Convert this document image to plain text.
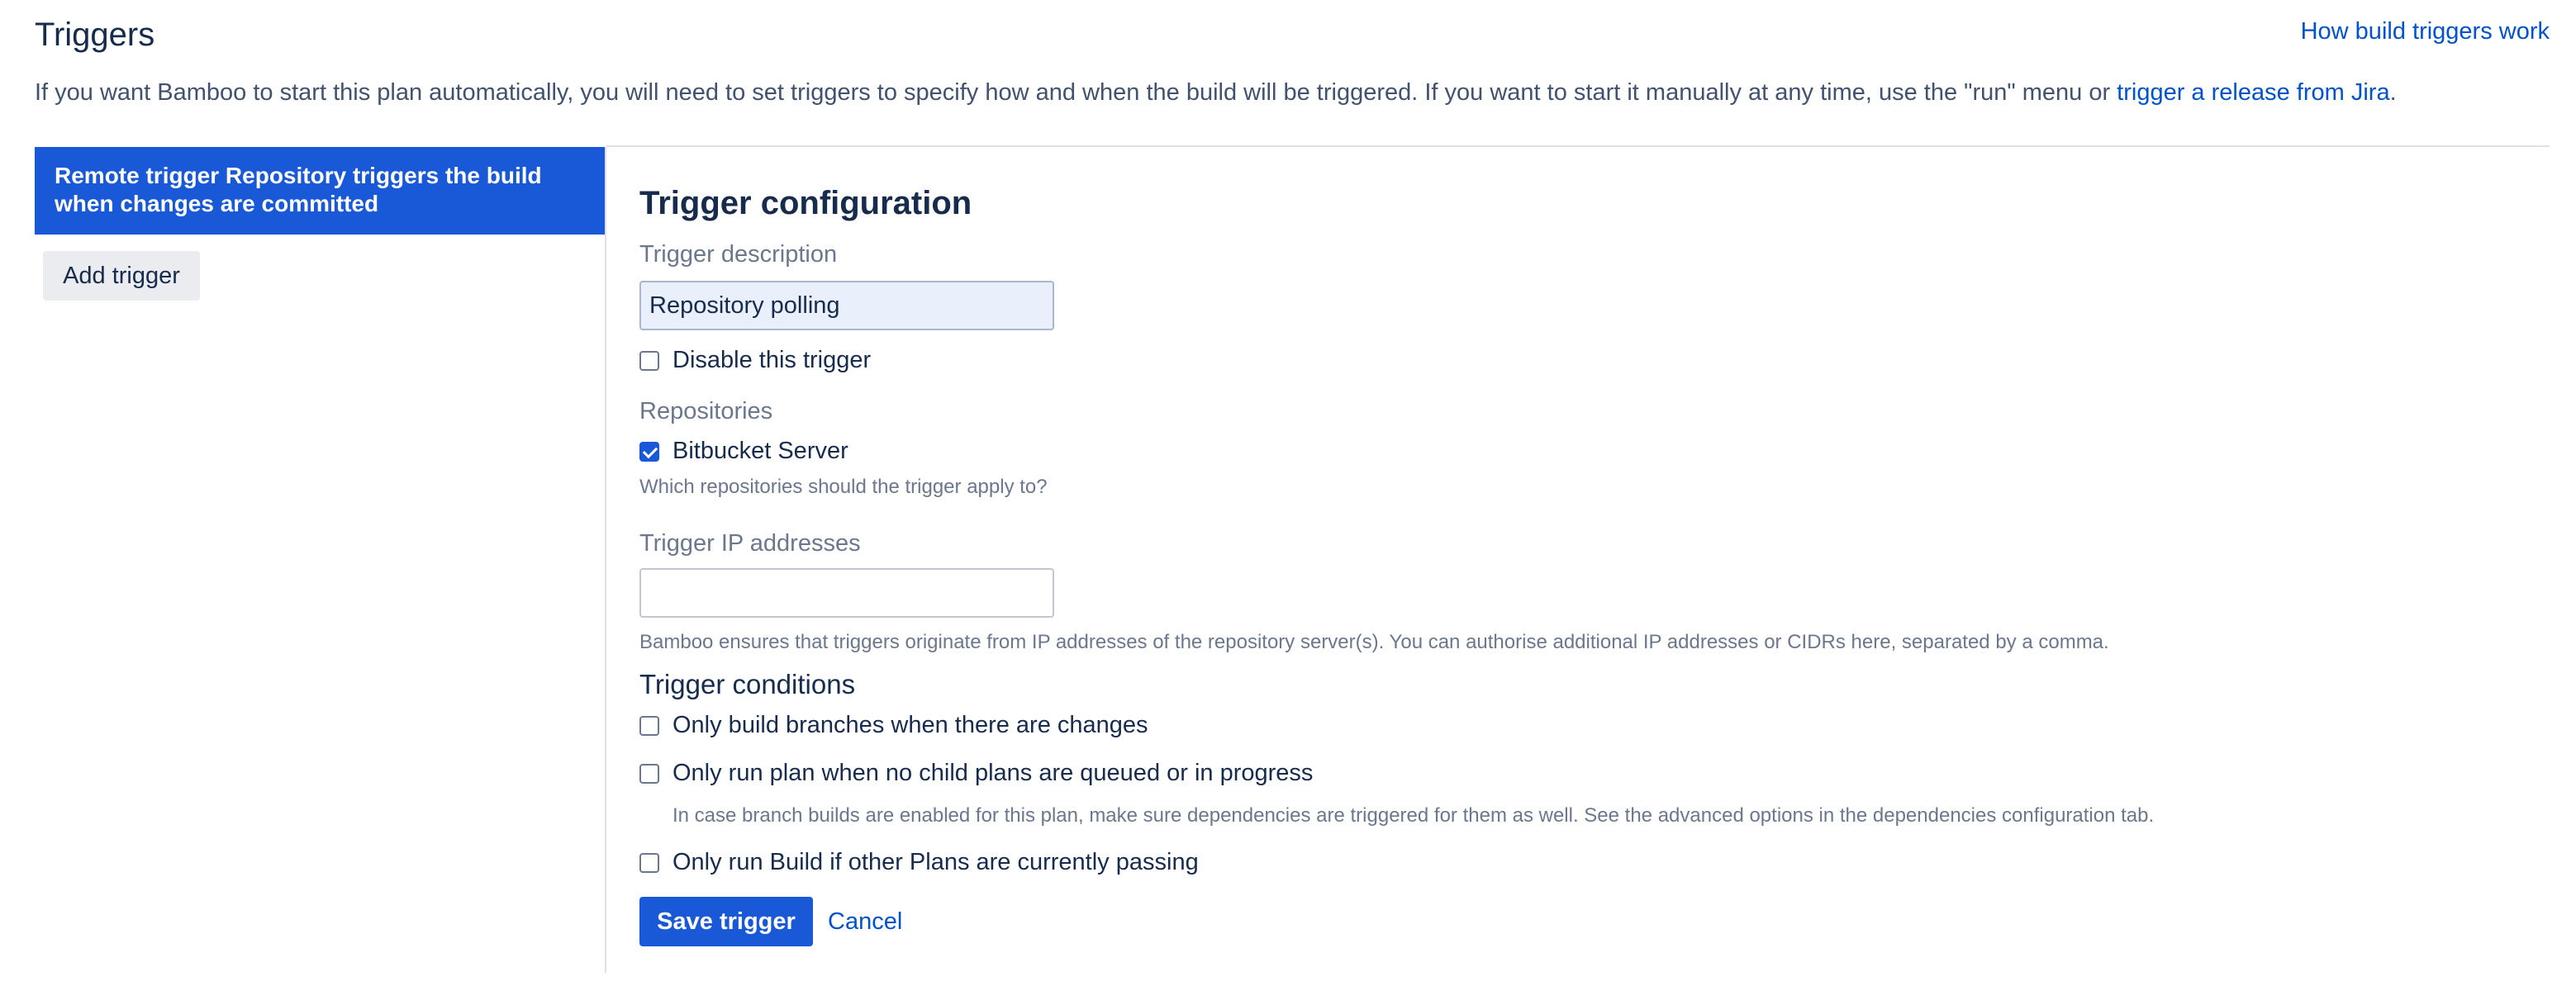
Triggers	How build triggers work

If you want Bamboo to start this plan automatically, you will need to set triggers to specify how and when the build will be triggered. If you want to start it manually at any time, use the "run" menu or trigger a release from Jira.

Remote trigger Repository triggers the build when changes are committed
Add trigger
Trigger configuration
Trigger description
Repository polling
Disable this trigger
Repositories
Bitbucket Server
Which repositories should the trigger apply to?
Trigger IP addresses
Bamboo ensures that triggers originate from IP addresses of the repository server(s). You can authorise additional IP addresses or CIDRs here, separated by a comma.
Trigger conditions
Only build branches when there are changes
Only run plan when no child plans are queued or in progress
In case branch builds are enabled for this plan, make sure dependencies are triggered for them as well. See the advanced options in the dependencies configuration tab.
Only run Build if other Plans are currently passing
Save trigger	Cancel
